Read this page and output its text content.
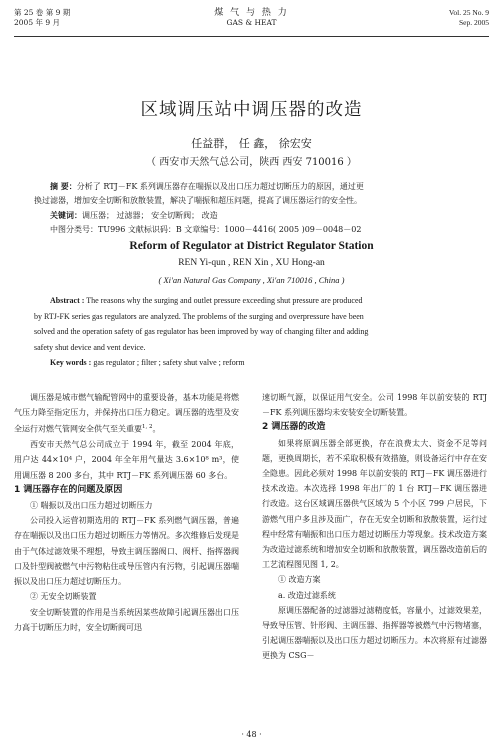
第 25 卷 第 9 期
2005 年 9 月
煤 气 与 热 力
GAS & HEAT
Vol. 25 No. 9
Sep. 2005
区域调压站中调压器的改造
任益群， 任 鑫， 徐宏安
（ 西安市天然气总公司，陕西 西安 710016 ）

摘 要：分析了 RTJ－FK 系列调压器存在喘振以及出口压力超过切断压力的原因，通过更

换过滤器，增加安全切断和放散装置，解决了喘振和超压问题，提高了调压器运行的安全性。

关键词：调压器； 过滤器； 安全切断阀； 改造

中图分类号：TU996 文献标识码：B 文章编号：1000－4416( 2005 )09－0048－02

Reform of Regulator at District Regulator Station
REN Yi-qun , REN Xin , XU Hong-an
( Xi'an Natural Gas Company , Xi'an 710016 , China )

Abstract : The reasons why the surging and outlet pressure exceeding shut pressure are produced

by RTJ-FK series gas regulators are analyzed. The problems of the surging and overpressure have been

solved and the operation safety of gas regulator has been improved by way of changing filter and adding

safety shut device and vent device.

Key words : gas regulator ; filter ; safety shut valve ; reform

调压器是城市燃气输配管网中的重要设备，基本功能是将燃气压力降至指定压力，并保持出口压力稳定。调压器的选型及安全运行对燃气管网安全供气至关重要$^{1, 2}$。

西安市天然气总公司成立于 1994 年，截至 2004 年底，用户达 44×10⁴ 户，2004 年全年用气量达 3.6×10⁸ m³，使用调压器 8 200 多台，其中 RTJ－FK 系列调压器 60 多台。

1 调压器存在的问题及原因

① 喘振以及出口压力超过切断压力

公司投入运营初期选用的 RTJ－FK 系列燃气调压器，普遍存在喘振以及出口压力超过切断压力等情况。多次维修后发现是由于气体过滤效果不理想，导致主调压器阀口、阀杆、指挥器阀口及针型阀被燃气中污物粘住或导压管内有污物，引起调压器喘振以及出口压力超过切断压力。

② 无安全切断装置

安全切断装置的作用是当系统因某些故障引起调压器出口压力高于切断压力时，安全切断阀可迅

速切断气源，以保证用气安全。公司 1998 年以前安装的 RTJ－FK 系列调压器均未安装安全切断装置。

2 调压器的改造

如果将原调压器全部更换，存在浪费太大、资金不足等问题，更换周期长，若不采取积极有效措施，则设备运行中存在安全隐患。因此必须对 1998 年以前安装的 RTJ－FK 调压器进行技术改造。本次选择 1998 年出厂的 1 台 RTJ－FK 调压器进行改造。这台区域调压器供气区域为 5 个小区 799 户居民，下游燃气用户多且涉及面广，存在无安全切断和放散装置，运行过程中经常有喘振和出口压力超过切断压力等现象。技术改造方案为改造过滤系统和增加安全切断和放散装置，调压器改造前后的工艺流程图见图 1, 2。

① 改造方案

a. 改造过滤系统

原调压器配备的过滤器过滤精度低，容量小，过滤效果差，导致导压管、针形阀、主调压器、指挥器等被燃气中污物堵塞，引起调压器喘振以及出口压力超过切断压力。本次将原有过滤器更换为 CSG－

· 48 ·
